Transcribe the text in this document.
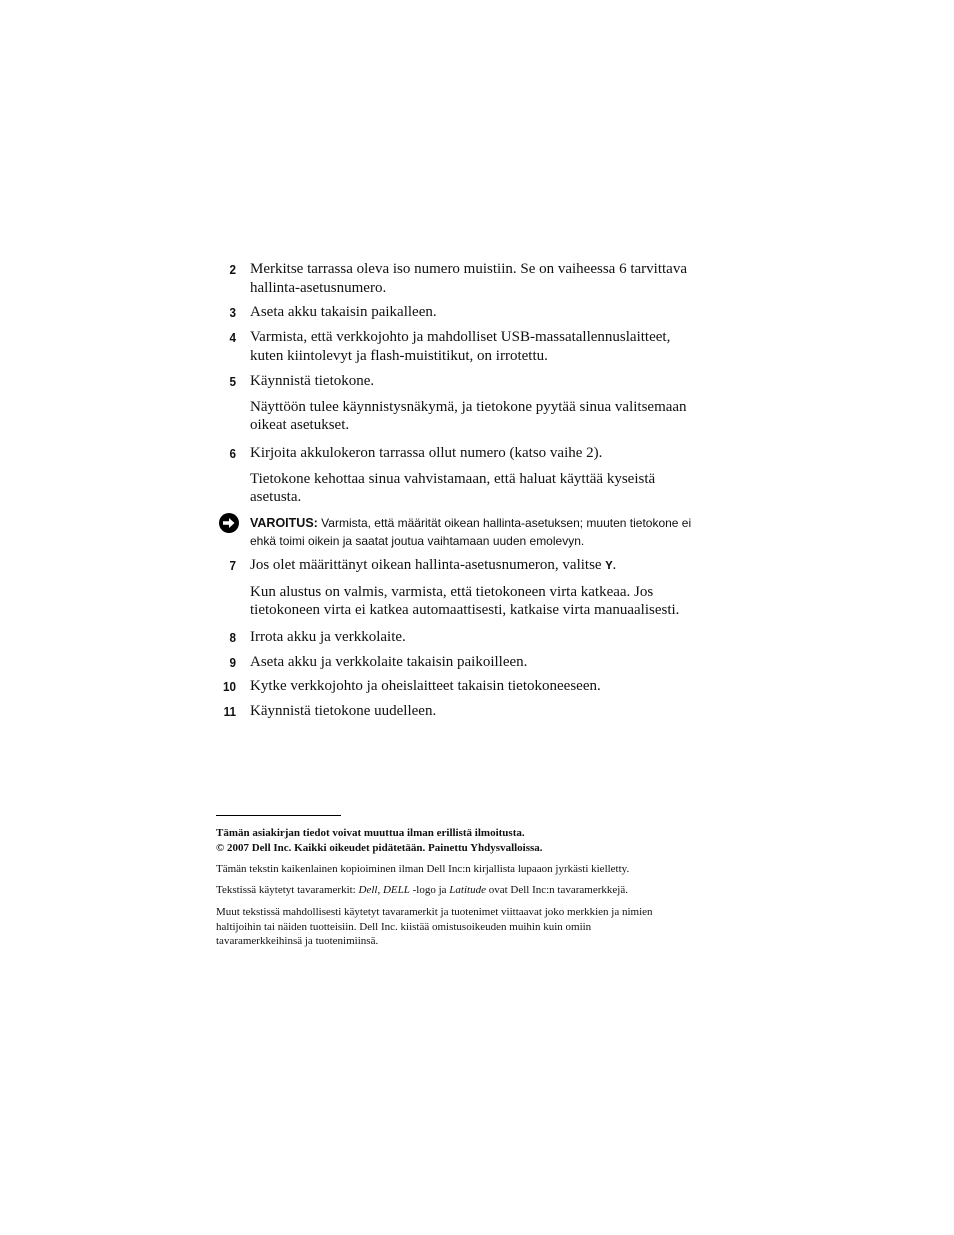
2 Merkitse tarrassa oleva iso numero muistiin. Se on vaiheessa 6 tarvittava
hallinta-asetusnumero.
3 Aseta akku takaisin paikalleen.
4 Varmista, että verkkojohto ja mahdolliset USB-massatallennuslaitteet,
kuten kiintolevyt ja flash-muistitikut, on irrotettu.
5 Käynnistä tietokone.
Näyttöön tulee käynnistysnäkymä, ja tietokone pyytää sinua valitsemaan
oikeat asetukset.
6 Kirjoita akkulokeron tarrassa ollut numero (katso vaihe 2).
Tietokone kehottaa sinua vahvistamaan, että haluat käyttää kyseistä
asetusta.
VAROITUS: Varmista, että määrität oikean hallinta-asetuksen; muuten tietokone ei
ehkä toimi oikein ja saatat joutua vaihtamaan uuden emolevyn.
7 Jos olet määrittänyt oikean hallinta-asetusnumeron, valitse Y.
Kun alustus on valmis, varmista, että tietokoneen virta katkeaa. Jos
tietokoneen virta ei katkea automaattisesti, katkaise virta manuaalisesti.
8 Irrota akku ja verkkolaite.
9 Aseta akku ja verkkolaite takaisin paikoilleen.
10 Kytke verkkojohto ja oheislaitteet takaisin tietokoneeseen.
11 Käynnistä tietokone uudelleen.
Tämän asiakirjan tiedot voivat muuttua ilman erillistä ilmoitusta.
© 2007 Dell Inc. Kaikki oikeudet pidätetään. Painettu Yhdysvalloissa.
Tämän tekstin kaikenlainen kopioiminen ilman Dell Inc:n kirjallista lupaaon jyrkästi kielletty.
Tekstissä käytetyt tavaramerkit: Dell, DELL -logo ja Latitude ovat Dell Inc:n tavaramerkkejä.
Muut tekstissä mahdollisesti käytetyt tavaramerkit ja tuotenimet viittaavat joko merkkien ja nimien
haltijoihin tai näiden tuotteisiin. Dell Inc. kiistää omistusoikeuden muihin kuin omiin
tavaramerkkeihinsä ja tuotenimiinsä.
